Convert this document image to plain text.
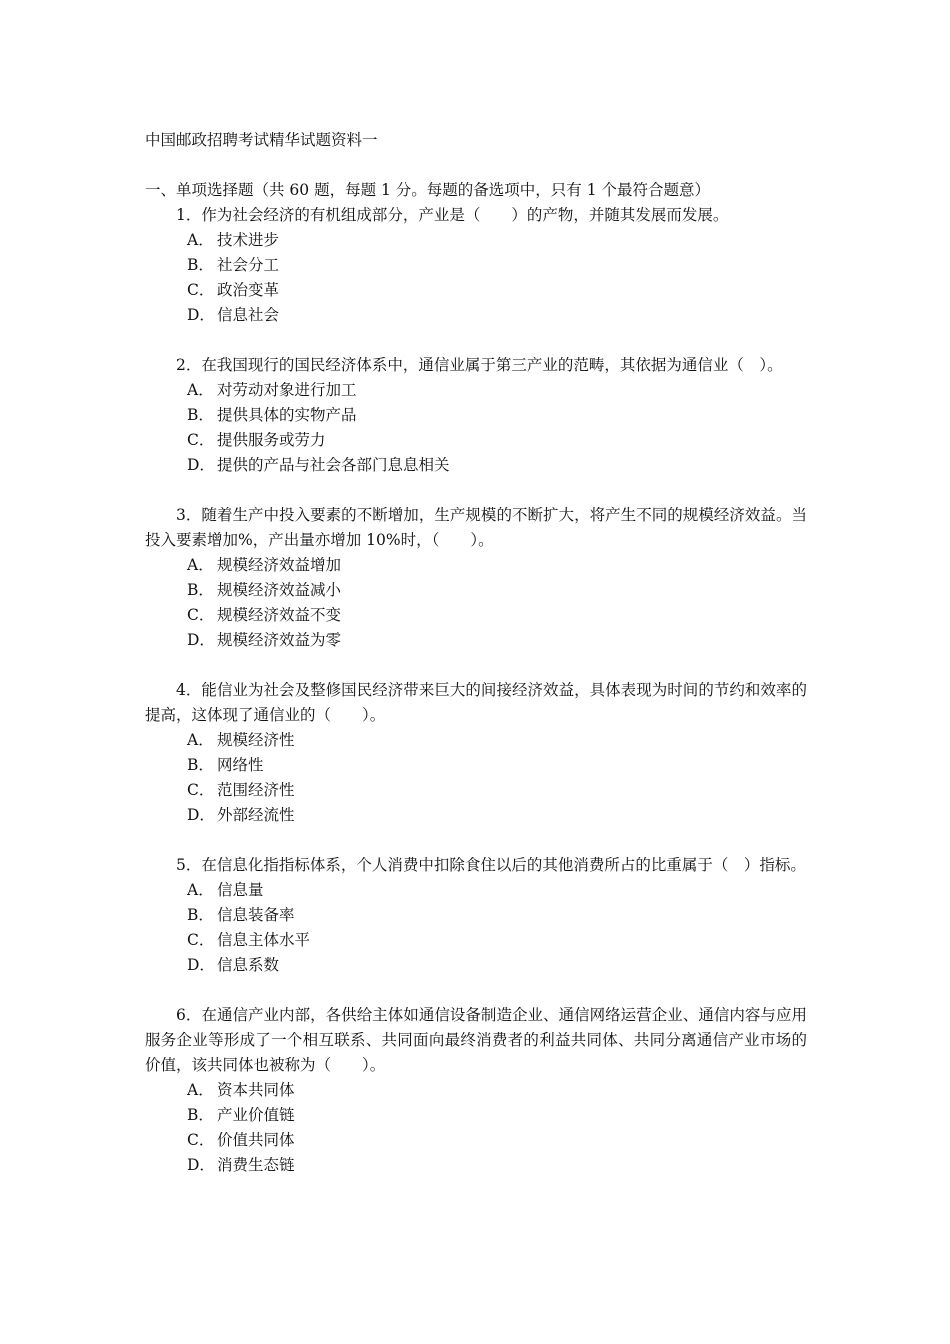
中国邮政招聘考试精华试题资料一

一、单项选择题（共 60 题，每题 1 分。每题的备选项中，只有 1 个最符合题意）

1．作为社会经济的有机组成部分，产业是（　　）的产物，并随其发展而发展。

A． 技术进步
B． 社会分工
C． 政治变革
D． 信息社会

2．在我国现行的国民经济体系中，通信业属于第三产业的范畴，其依据为通信业（　）。

A． 对劳动对象进行加工
B． 提供具体的实物产品
C． 提供服务或劳力
D． 提供的产品与社会各部门息息相关

3．随着生产中投入要素的不断增加，生产规模的不断扩大，将产生不同的规模经济效益。当投入要素增加%，产出量亦增加 10%时，（　　）。

A． 规模经济效益增加
B． 规模经济效益减小
C． 规模经济效益不变
D． 规模经济效益为零

4．能信业为社会及整修国民经济带来巨大的间接经济效益，具体表现为时间的节约和效率的提高，这体现了通信业的（　　）。

A． 规模经济性
B． 网络性
C． 范围经济性
D． 外部经流性

5．在信息化指指标体系，个人消费中扣除食住以后的其他消费所占的比重属于（　）指标。

A． 信息量
B． 信息装备率
C． 信息主体水平
D． 信息系数

6．在通信产业内部，各供给主体如通信设备制造企业、通信网络运营企业、通信内容与应用服务企业等形成了一个相互联系、共同面向最终消费者的利益共同体、共同分离通信产业市场的价值，该共同体也被称为（　　）。

A． 资本共同体
B． 产业价值链
C． 价值共同体
D． 消费生态链
